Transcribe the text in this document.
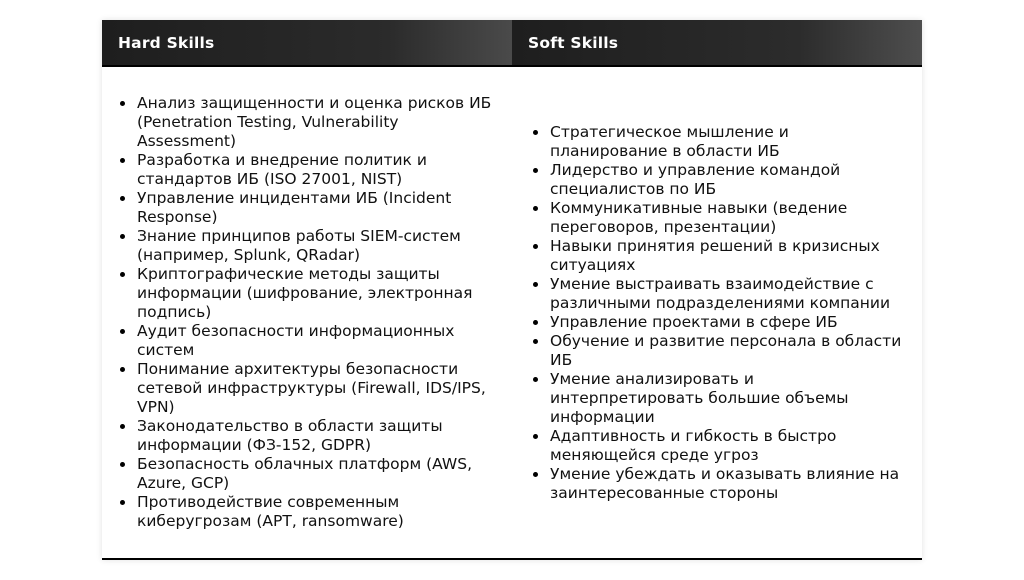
Hard Skills	Soft Skills
Анализ защищенности и оценка рисков ИБ (Penetration Testing, Vulnerability Assessment)
Разработка и внедрение политик и стандартов ИБ (ISO 27001, NIST)
Управление инцидентами ИБ (Incident Response)
Знание принципов работы SIEM-систем (например, Splunk, QRadar)
Криптографические методы защиты информации (шифрование, электронная подпись)
Аудит безопасности информационных систем
Понимание архитектуры безопасности сетевой инфраструктуры (Firewall, IDS/IPS, VPN)
Законодательство в области защиты информации (ФЗ-152, GDPR)
Безопасность облачных платформ (AWS, Azure, GCP)
Противодействие современным киберугрозам (APT, ransomware)
Стратегическое мышление и планирование в области ИБ
Лидерство и управление командой специалистов по ИБ
Коммуникативные навыки (ведение переговоров, презентации)
Навыки принятия решений в кризисных ситуациях
Умение выстраивать взаимодействие с различными подразделениями компании
Управление проектами в сфере ИБ
Обучение и развитие персонала в области ИБ
Умение анализировать и интерпретировать большие объемы информации
Адаптивность и гибкость в быстро меняющейся среде угроз
Умение убеждать и оказывать влияние на заинтересованные стороны
